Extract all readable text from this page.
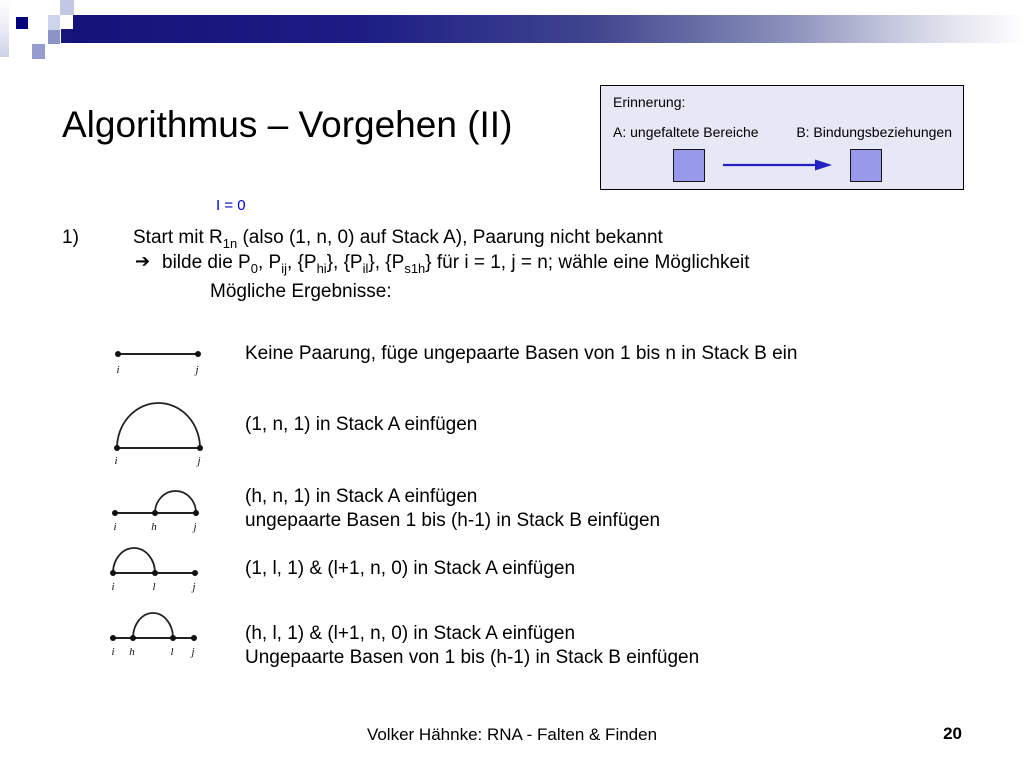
Algorithmus – Vorgehen (II)
Erinnerung:
A: ungefaltete Bereiche	B: Bindungsbeziehungen
I = 0
1)	Start mit $R_{1n}$ (also (1, n, 0) auf Stack A), Paarung nicht bekannt
➔ bilde die $P_0$, $P_{ij}$, $\{P_{hi}\}$, $\{P_{il}\}$, $\{P_{s1h}\}$ für i = 1, j = n; wähle eine Möglichkeit
Mögliche Ergebnisse:
i	j
Keine Paarung, füge ungepaarte Basen von 1 bis n in Stack B ein
i	j
(1, n, 1) in Stack A einfügen
i	h	j
(h, n, 1) in Stack A einfügen
ungepaarte Basen 1 bis (h-1) in Stack B einfügen
i	l	j
(1, l, 1) & (l+1, n, 0) in Stack A einfügen
i h	l j
(h, l, 1) & (l+1, n, 0) in Stack A einfügen
Ungepaarte Basen von 1 bis (h-1) in Stack B einfügen
Volker Hähnke: RNA - Falten & Finden	20
